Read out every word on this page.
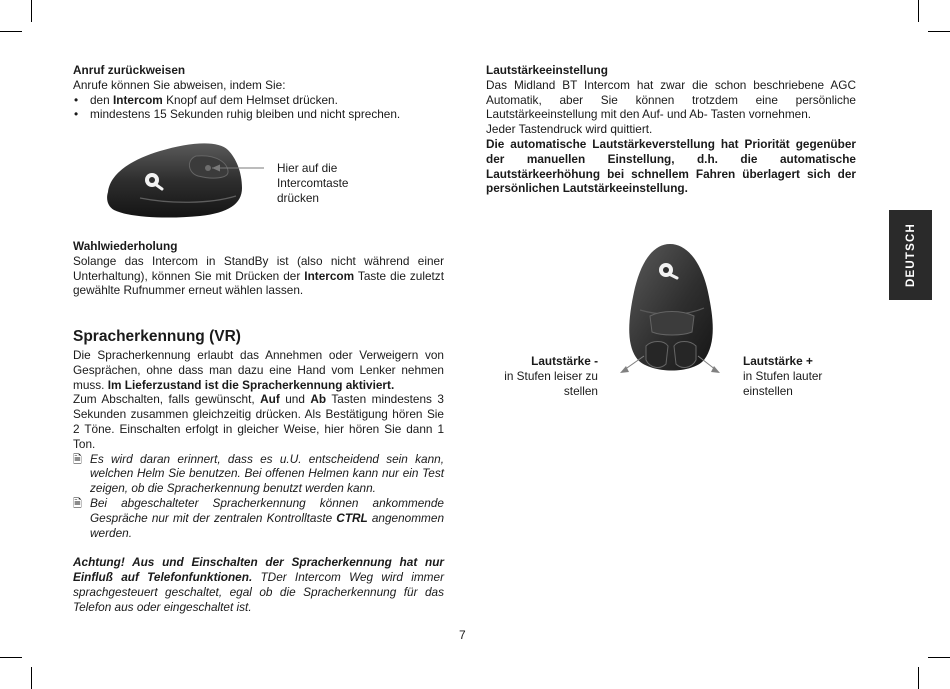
Anruf zurückweisen
Anrufe können Sie abweisen, indem Sie:
• den Intercom Knopf auf dem Helmset drücken.
• mindestens 15 Sekunden ruhig bleiben und nicht sprechen.
Hier auf die
Intercomtaste
drücken
Wahlwiederholung
Solange das Intercom in StandBy ist (also nicht während einer Unterhaltung), können Sie mit Drücken der Intercom Taste die zuletzt gewählte Rufnummer erneut wählen lassen.
Spracherkennung (VR)
Die Spracherkennung erlaubt das Annehmen oder Verweigern von Gesprächen, ohne dass man dazu eine Hand vom Lenker nehmen muss. Im Lieferzustand ist die Spracherkennung aktiviert.
Zum Abschalten, falls gewünscht, Auf und Ab Tasten mindestens 3 Sekunden zusammen gleichzeitig drücken. Als Bestätigung hören Sie 2 Töne. Einschalten erfolgt in gleicher Weise, hier hören Sie dann 1 Ton.
🗎 Es wird daran erinnert, dass es u.U. entscheidend sein kann, welchen Helm Sie benutzen. Bei offenen Helmen kann nur ein Test zeigen, ob die Spracherkennung benutzt werden kann.
🗎 Bei abgeschalteter Spracherkennung können ankommende Gespräche nur mit der zentralen Kontrolltaste CTRL angenommen werden.
Achtung! Aus und Einschalten der Spracherkennung hat nur Einfluß auf Telefonfunktionen. TDer Intercom Weg wird immer sprachgesteuert geschaltet, egal ob die Spracherkennung für das Telefon aus oder eingeschaltet ist.
Lautstärkeeinstellung
Das Midland BT Intercom hat zwar die schon beschriebene AGC Automatik, aber Sie können trotzdem eine persönliche Lautstärkeeinstellung mit den Auf- und Ab- Tasten vornehmen.
Jeder Tastendruck wird quittiert.
Die automatische Lautstärkeverstellung hat Priorität gegenüber der manuellen Einstellung, d.h. die automatische Lautstärkeerhöhung bei schnellem Fahren überlagert sich der persönlichen Lautstärkeeinstellung.
Lautstärke -
in Stufen leiser zu
stellen
Lautstärke +
in Stufen lauter
einstellen
DEUTSCH
7
